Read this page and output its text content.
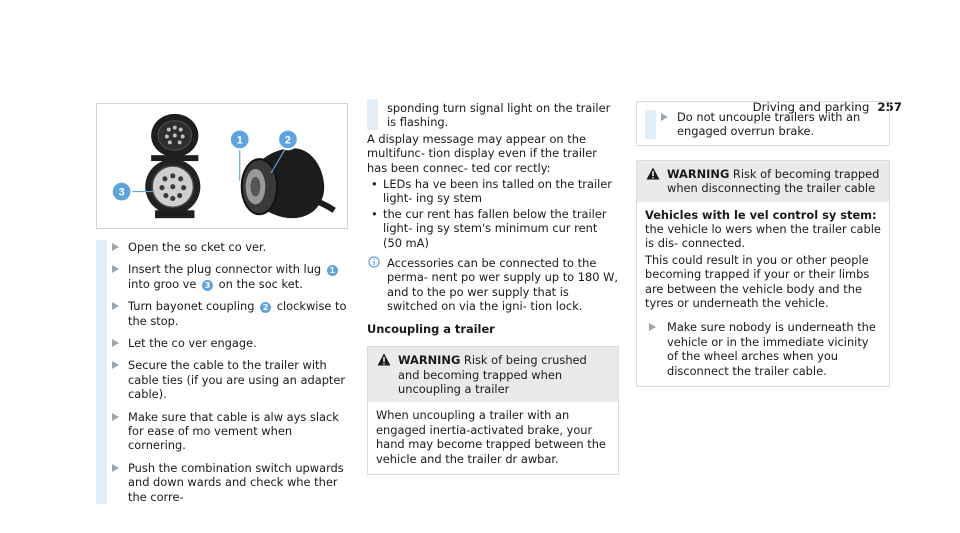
Driving and parking 257
1	2
3
Open the so cket co ver.
Insert the plug connector with lug 1 into groo ve 3 on the soc ket.
Turn bayonet coupling 2 clockwise to the stop.
Let the co ver engage.
Secure the cable to the trailer with cable ties (if you are using an adapter cable).
Make sure that cable is alw ays slack for ease of mo vement when cornering.
Push the combination switch upwards and down wards and check whe ther the corre-
sponding turn signal light on the trailer is flashing.

A display message may appear on the multifunc- tion display even if the trailer has been connec- ted cor rectly:

• LEDs ha ve been ins talled on the trailer light- ing sy stem
• the cur rent has fallen below the trailer light- ing sy stem's minimum cur rent (50 mA)
Accessories can be connected to the perma- nent po wer supply up to 180 W, and to the po wer supply that is switched on via the igni- tion lock.
Uncoupling a trailer
WARNING Risk of being crushed and becoming trapped when uncoupling a trailer
When uncoupling a trailer with an engaged inertia-activated brake, your hand may become trapped between the vehicle and the trailer dr awbar.
Do not uncouple trailers with an engaged overrun brake.
WARNING Risk of becoming trapped when disconnecting the trailer cable

Vehicles with le vel control sy stem: the vehicle lo wers when the trailer cable is dis- connected.

This could result in you or other people becoming trapped if your or their limbs are between the vehicle body and the tyres or underneath the vehicle.

Make sure nobody is underneath the vehicle or in the immediate vicinity of the wheel arches when you disconnect the trailer cable.
